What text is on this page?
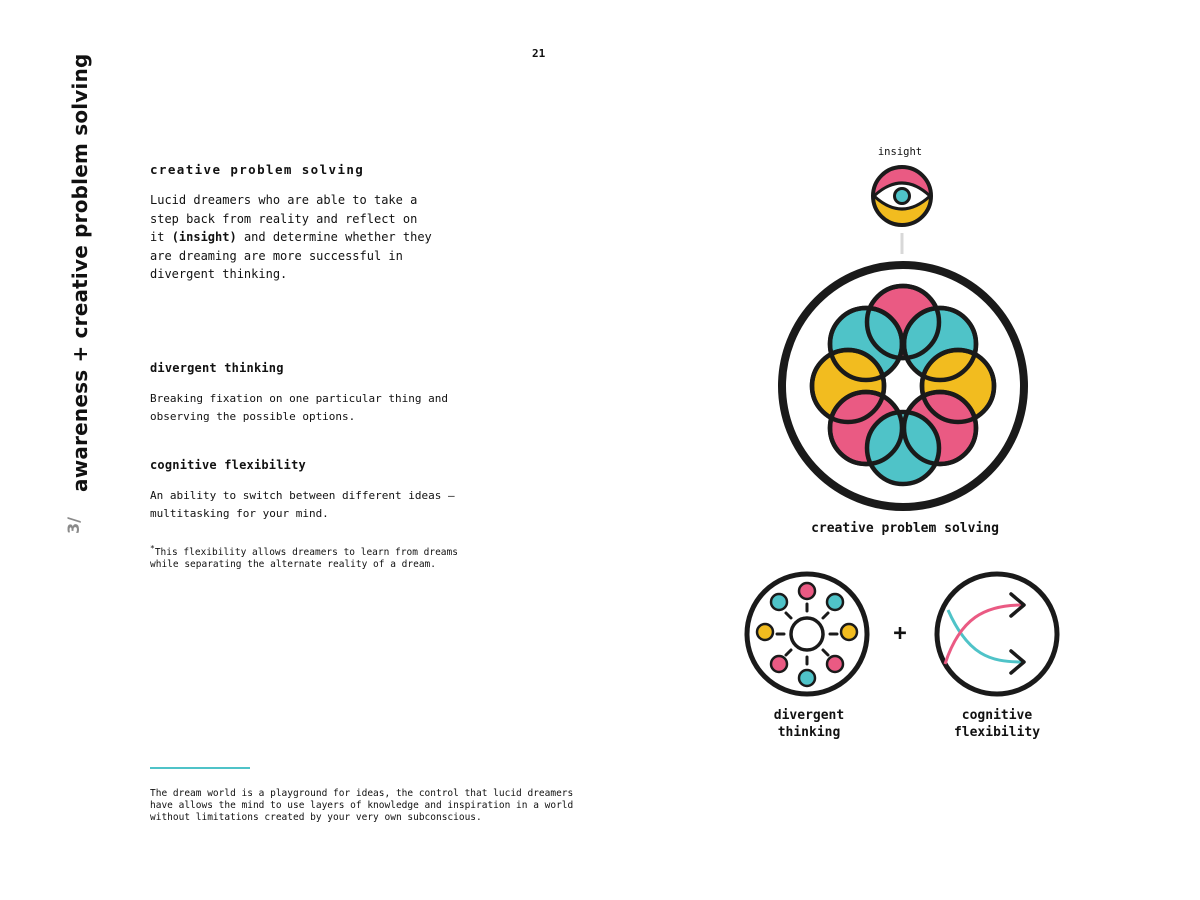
awareness + creative problem solving
3/
21
creative problem solving
Lucid dreamers who are able to take a
step back from reality and reflect on
it (insight) and determine whether they
are dreaming are more successful in
divergent thinking.
divergent thinking
Breaking fixation on one particular thing and
observing the possible options.
cognitive flexibility
An ability to switch between different ideas —
multitasking for your mind.
*This flexibility allows dreamers to learn from dreams
while separating the alternate reality of a dream.
The dream world is a playground for ideas, the control that lucid dreamers
have allows the mind to use layers of knowledge and inspiration in a world
without limitations created by your very own subconscious.
insight
creative problem solving
+
divergent
thinking
cognitive
flexibility
